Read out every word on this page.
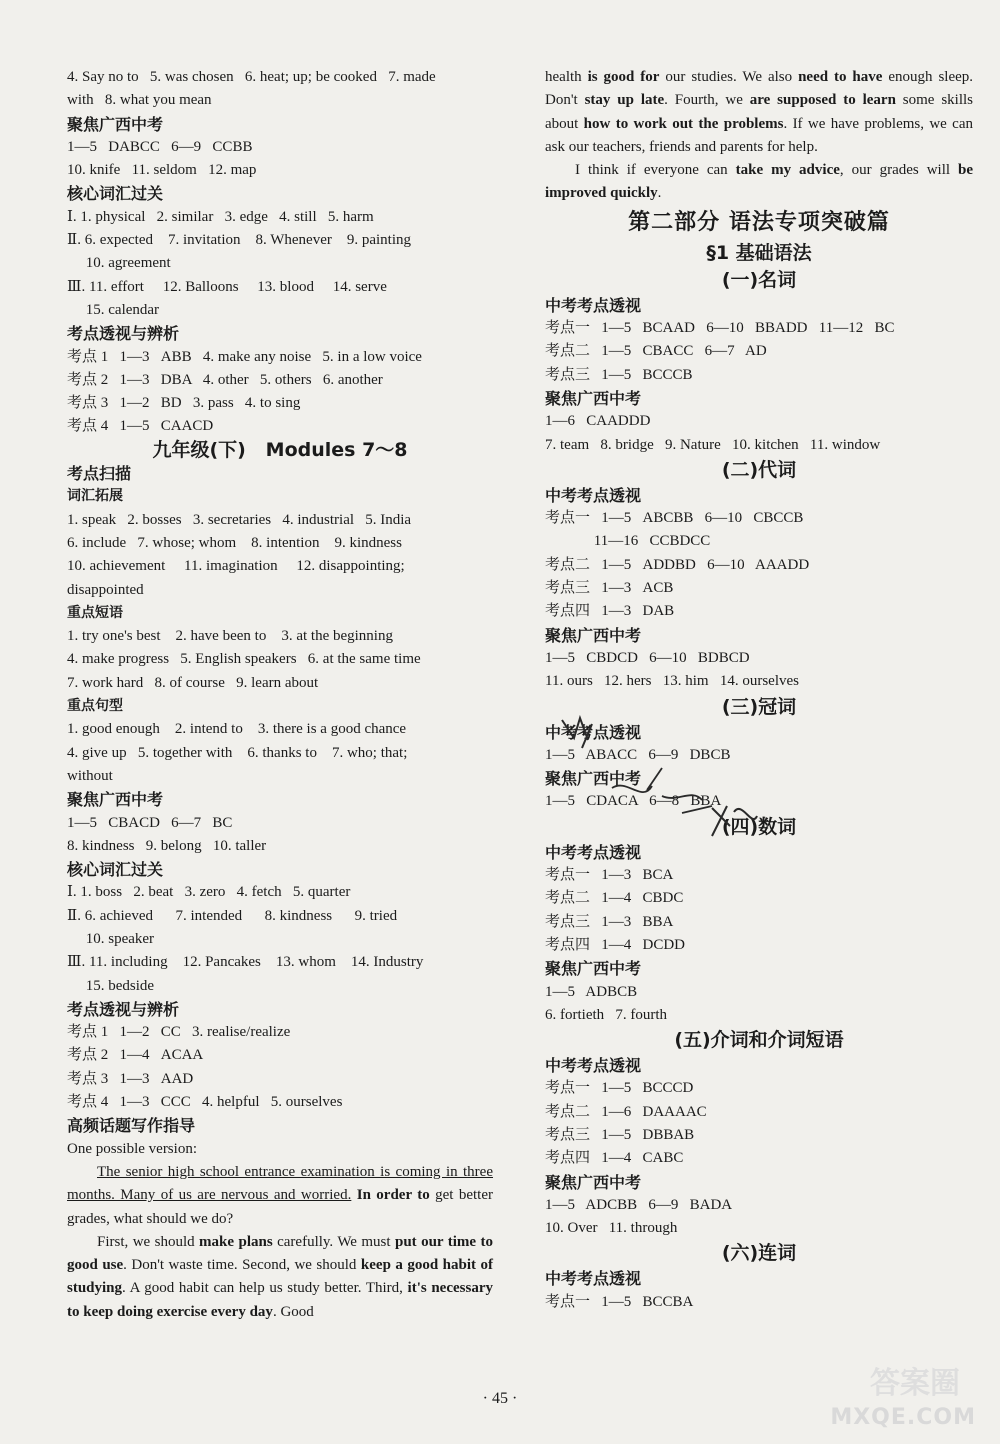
4. Say no to   5. was chosen   6. heat; up; be cooked   7. made
with   8. what you mean
聚焦广西中考
1—5   DABCC   6—9   CCBB
10. knife   11. seldom   12. map
核心词汇过关
Ⅰ. 1. physical   2. similar   3. edge   4. still   5. harm
Ⅱ. 6. expected    7. invitation    8. Whenever    9. painting
10. agreement
Ⅲ. 11. effort     12. Balloons     13. blood     14. serve
15. calendar
考点透视与辨析
考点 1   1—3   ABB   4. make any noise   5. in a low voice
考点 2   1—3   DBA   4. other   5. others   6. another
考点 3   1—2   BD   3. pass   4. to sing
考点 4   1—5   CAACD
九年级(下)   Modules 7～8
考点扫描
词汇拓展
1. speak   2. bosses   3. secretaries   4. industrial   5. India
6. include   7. whose; whom    8. intention    9. kindness
10. achievement     11. imagination     12. disappointing;
disappointed
重点短语
1. try one's best    2. have been to    3. at the beginning
4. make progress   5. English speakers   6. at the same time
7. work hard   8. of course   9. learn about
重点句型
1. good enough    2. intend to    3. there is a good chance
4. give up   5. together with    6. thanks to    7. who; that;
without
聚焦广西中考
1—5   CBACD   6—7   BC
8. kindness   9. belong   10. taller
核心词汇过关
Ⅰ. 1. boss   2. beat   3. zero   4. fetch   5. quarter
Ⅱ. 6. achieved      7. intended      8. kindness      9. tried
10. speaker
Ⅲ. 11. including    12. Pancakes    13. whom    14. Industry
15. bedside
考点透视与辨析
考点 1   1—2   CC   3. realise/realize
考点 2   1—4   ACAA
考点 3   1—3   AAD
考点 4   1—3   CCC   4. helpful   5. ourselves
高频话题写作指导
One possible version:

The senior high school entrance examination is coming in three months. Many of us are nervous and worried. In order to get better grades, what should we do?

First, we should make plans carefully. We must put our time to good use. Don't waste time. Second, we should keep a good habit of studying. A good habit can help us study better. Third, it's necessary to keep doing exercise every day. Good

health is good for our studies. We also need to have enough sleep. Don't stay up late. Fourth, we are supposed to learn some skills about how to work out the problems. If we have problems, we can ask our teachers, friends and parents for help.

I think if everyone can take my advice, our grades will be improved quickly.

第二部分 语法专项突破篇
§1 基础语法
(一)名词
中考考点透视
考点一   1—5   BCAAD   6—10   BBADD   11—12   BC
考点二   1—5   CBACC   6—7   AD
考点三   1—5   BCCCB
聚焦广西中考
1—6   CAADDD
7. team   8. bridge   9. Nature   10. kitchen   11. window
(二)代词
中考考点透视
考点一   1—5   ABCBB   6—10   CBCCB
11—16   CCBDCC
考点二   1—5   ADDBD   6—10   AAADD
考点三   1—3   ACB
考点四   1—3   DAB
聚焦广西中考
1—5   CBDCD   6—10   BDBCD
11. ours   12. hers   13. him   14. ourselves
(三)冠词
中考考点透视
1—5   ABACC   6—9   DBCB
聚焦广西中考
1—5   CDACA   6—8   BBA
(四)数词
中考考点透视
考点一   1—3   BCA
考点二   1—4   CBDC
考点三   1—3   BBA
考点四   1—4   DCDD
聚焦广西中考
1—5   ADBCB
6. fortieth   7. fourth
(五)介词和介词短语
中考考点透视
考点一   1—5   BCCCD
考点二   1—6   DAAAAC
考点三   1—5   DBBAB
考点四   1—4   CABC
聚焦广西中考
1—5   ADCBB   6—9   BADA
10. Over   11. through
(六)连词
中考考点透视
考点一   1—5   BCCBA
· 45 ·	答案圈
MXQE.COM
